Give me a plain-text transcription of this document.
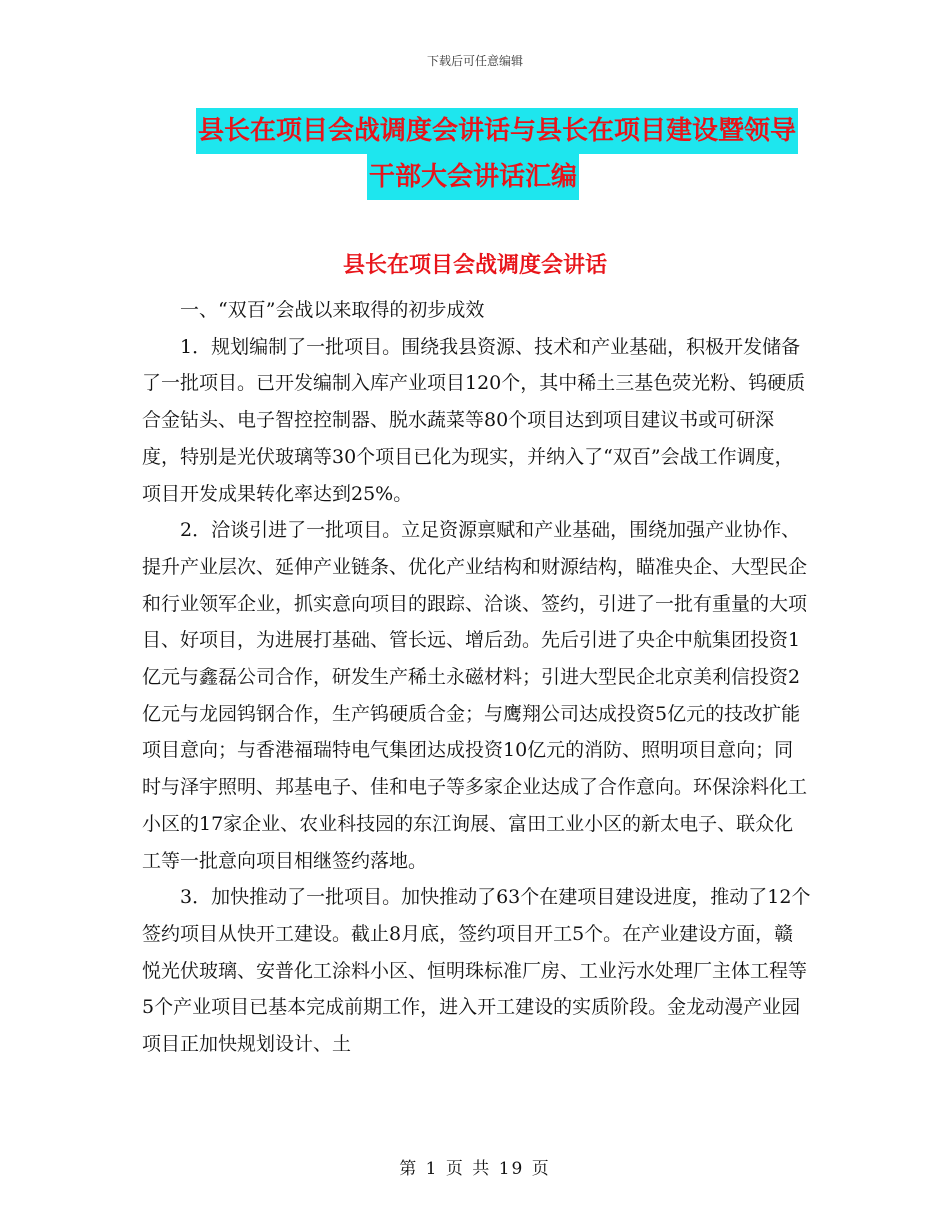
下载后可任意编辑
县长在项目会战调度会讲话与县长在项目建设暨领导
干部大会讲话汇编
县长在项目会战调度会讲话

一、“双百”会战以来取得的初步成效

1．规划编制了一批项目。围绕我县资源、技术和产业基础，积极开发储备了一批项目。已开发编制入库产业项目120个，其中稀土三基色荧光粉、钨硬质合金钻头、电子智控控制器、脱水蔬菜等80个项目达到项目建议书或可研深度，特别是光伏玻璃等30个项目已化为现实，并纳入了“双百”会战工作调度，项目开发成果转化率达到25%。

2．洽谈引进了一批项目。立足资源禀赋和产业基础，围绕加强产业协作、提升产业层次、延伸产业链条、优化产业结构和财源结构，瞄准央企、大型民企和行业领军企业，抓实意向项目的跟踪、洽谈、签约，引进了一批有重量的大项目、好项目，为进展打基础、管长远、增后劲。先后引进了央企中航集团投资1亿元与鑫磊公司合作，研发生产稀土永磁材料；引进大型民企北京美利信投资2亿元与龙园钨钢合作，生产钨硬质合金；与鹰翔公司达成投资5亿元的技改扩能项目意向；与香港福瑞特电气集团达成投资10亿元的消防、照明项目意向；同时与泽宇照明、邦基电子、佳和电子等多家企业达成了合作意向。环保涂料化工小区的17家企业、农业科技园的东江询展、富田工业小区的新太电子、联众化工等一批意向项目相继签约落地。

3．加快推动了一批项目。加快推动了63个在建项目建设进度，推动了12个签约项目从快开工建设。截止8月底，签约项目开工5个。在产业建设方面，赣悦光伏玻璃、安普化工涂料小区、恒明珠标准厂房、工业污水处理厂主体工程等5个产业项目已基本完成前期工作，进入开工建设的实质阶段。金龙动漫产业园项目正加快规划设计、土

第 1 页 共 19 页
